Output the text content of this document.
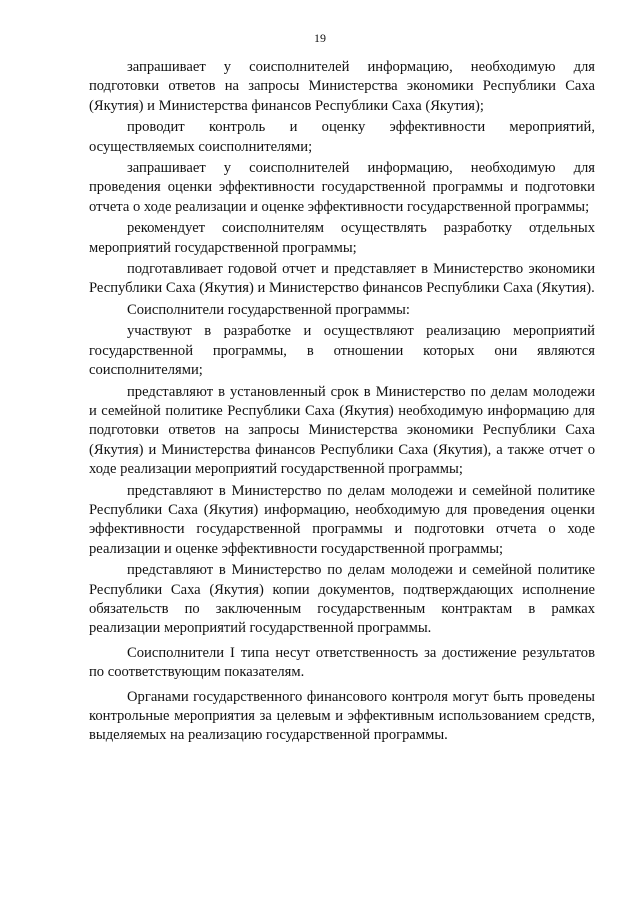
19

запрашивает у соисполнителей информацию, необходимую для подготовки ответов на запросы Министерства экономики Республики Саха (Якутия) и Министерства финансов Республики Саха (Якутия);

проводит контроль и оценку эффективности мероприятий, осуществляемых соисполнителями;

запрашивает у соисполнителей информацию, необходимую для проведения оценки эффективности государственной программы и подготовки отчета о ходе реализации и оценке эффективности государственной программы;

рекомендует соисполнителям осуществлять разработку отдельных мероприятий государственной программы;

подготавливает годовой отчет и представляет в Министерство экономики Республики Саха (Якутия) и Министерство финансов Республики Саха (Якутия).

Соисполнители государственной программы:

участвуют в разработке и осуществляют реализацию мероприятий государственной программы, в отношении которых они являются соисполнителями;

представляют в установленный срок в Министерство по делам молодежи и семейной политике Республики Саха (Якутия) необходимую информацию для подготовки ответов на запросы Министерства экономики Республики Саха (Якутия) и Министерства финансов Республики Саха (Якутия), а также отчет о ходе реализации мероприятий государственной программы;

представляют в Министерство по делам молодежи и семейной политике Республики Саха (Якутия) информацию, необходимую для проведения оценки эффективности государственной программы и подготовки отчета о ходе реализации и оценке эффективности государственной программы;

представляют в Министерство по делам молодежи и семейной политике Республики Саха (Якутия) копии документов, подтверждающих исполнение обязательств по заключенным государственным контрактам в рамках реализации мероприятий государственной программы.

Соисполнители I типа несут ответственность за достижение результатов по соответствующим показателям.

Органами государственного финансового контроля могут быть проведены контрольные мероприятия за целевым и эффективным использованием средств, выделяемых на реализацию государственной программы.
